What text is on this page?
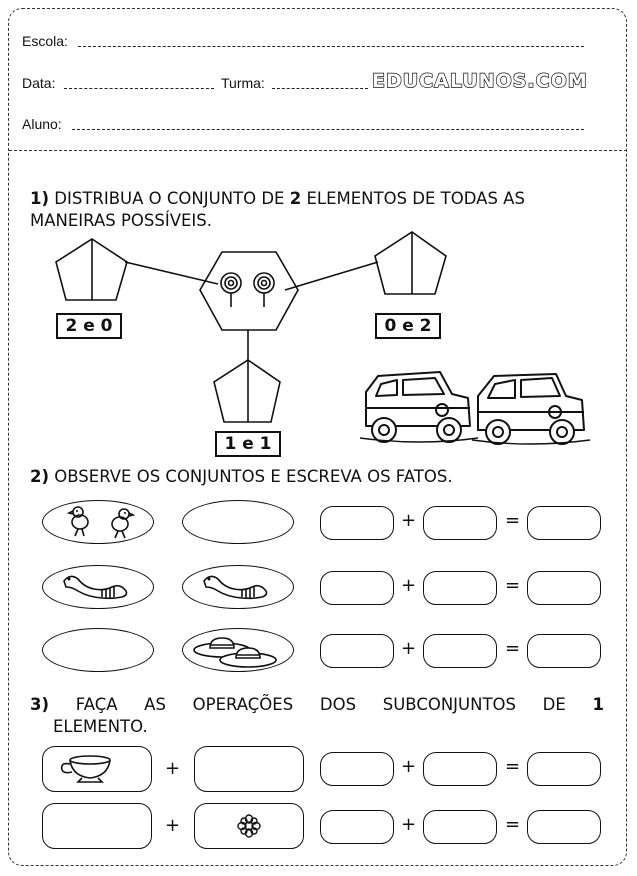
Escola:
Data:	Turma:	EDUCALUNOS.COM
Aluno:
1) DISTRIBUA O CONJUNTO DE 2 ELEMENTOS DE TODAS AS MANEIRAS POSSÍVEIS.
2 e 0	0 e 2
1 e 1
2) OBSERVE OS CONJUNTOS E ESCREVA OS FATOS.
+	=
+	=
+	=
3) FAÇA AS OPERAÇÕES DOS SUBCONJUNTOS DE 1
ELEMENTO.
+	+	=
+	+	=
